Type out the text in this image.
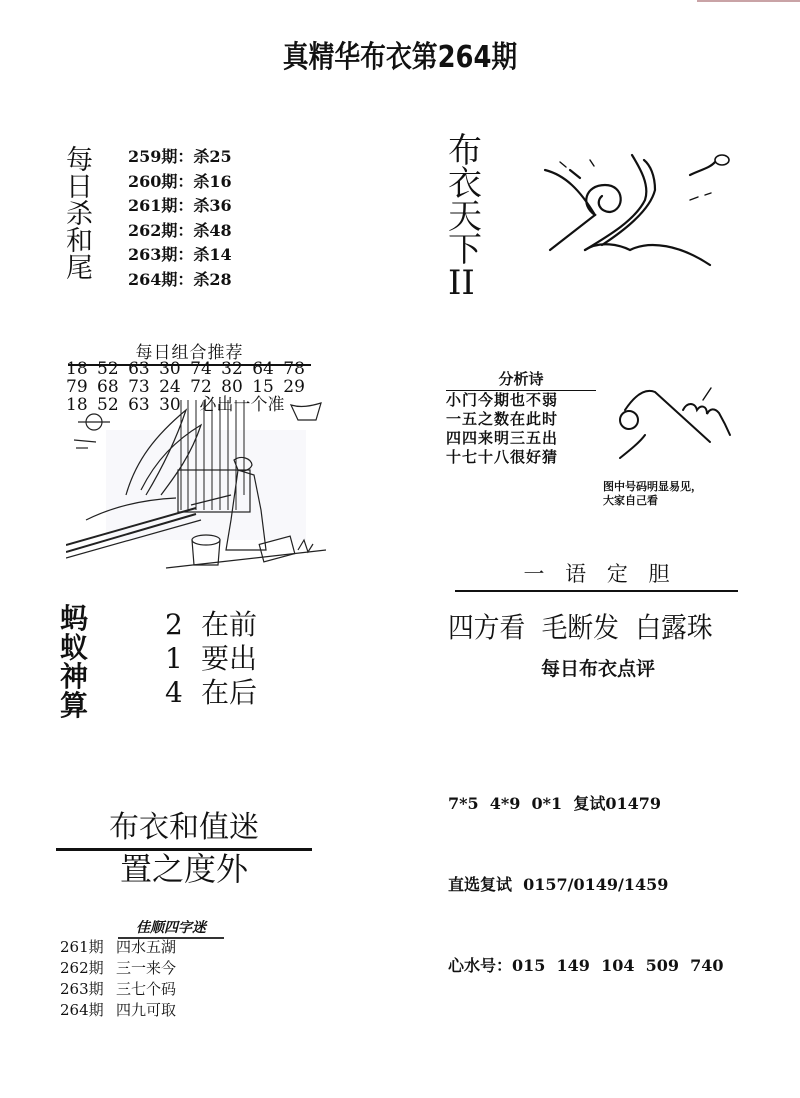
真精华布衣第264期
每
日
杀
和
尾
259期：杀25
260期：杀16
261期：杀36
262期：杀48
263期：杀14
264期：杀28
每日组合推荐
18 52 63 30 74 32 64 78
79 68 73 24 72 80 15 29
18 52 63 30  必出一个准
蚂
蚁
神
算
2 在前
1 要出
4 在后
布衣和值迷
置之度外
佳顺四字迷
261期 四水五湖
262期 三一来今
263期 三七个码
264期 四九可取
布
衣
天
下
II
分析诗
小门今期也不弱
一五之数在此时
四四来明三五出
十七十八很好猜
图中号码明显易见，
大家自己看
一 语 定 胆
四方看  毛断发  白露珠
每日布衣点评

7*5  4*9  0*1  复试01479

直选复试  0157/0149/1459

心水号：015  149  104  509  740
